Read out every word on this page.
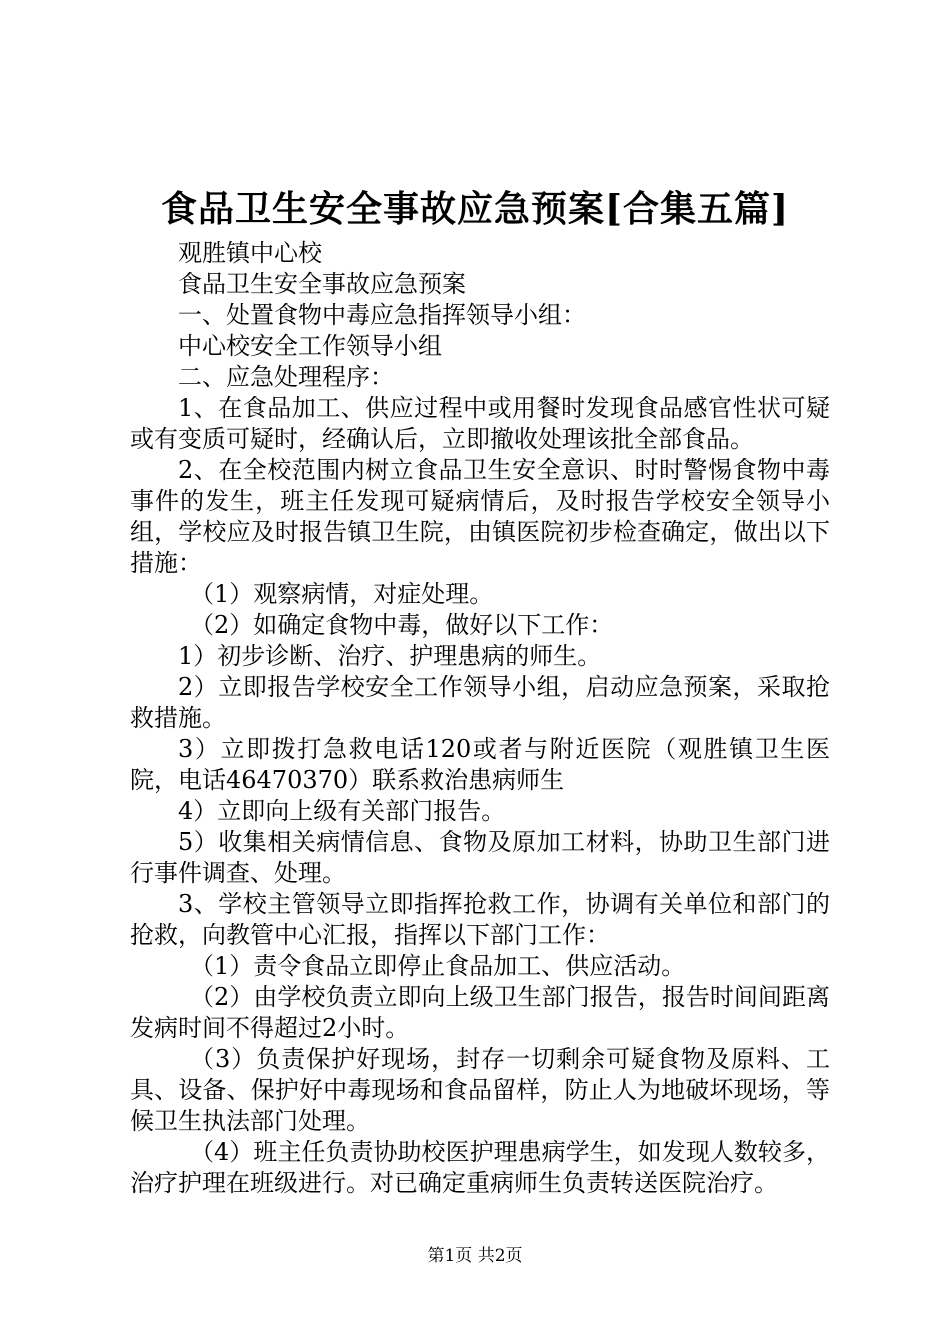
食品卫生安全事故应急预案[合集五篇]

观胜镇中心校

食品卫生安全事故应急预案

一、处置食物中毒应急指挥领导小组：

中心校安全工作领导小组

二、应急处理程序：

1、在食品加工、供应过程中或用餐时发现食品感官性状可疑或有变质可疑时，经确认后，立即撤收处理该批全部食品。

2、在全校范围内树立食品卫生安全意识、时时警惕食物中毒事件的发生，班主任发现可疑病情后，及时报告学校安全领导小组，学校应及时报告镇卫生院，由镇医院初步检查确定，做出以下措施：

（1）观察病情，对症处理。

（2）如确定食物中毒，做好以下工作：

1）初步诊断、治疗、护理患病的师生。

2）立即报告学校安全工作领导小组，启动应急预案，采取抢救措施。

3）立即拨打急救电话120或者与附近医院（观胜镇卫生医院，电话46470370）联系救治患病师生

4）立即向上级有关部门报告。

5）收集相关病情信息、食物及原加工材料，协助卫生部门进行事件调查、处理。

3、学校主管领导立即指挥抢救工作，协调有关单位和部门的抢救，向教管中心汇报，指挥以下部门工作：

（1）责令食品立即停止食品加工、供应活动。

（2）由学校负责立即向上级卫生部门报告，报告时间间距离发病时间不得超过2小时。

（3）负责保护好现场，封存一切剩余可疑食物及原料、工具、设备、保护好中毒现场和食品留样，防止人为地破坏现场，等候卫生执法部门处理。

（4）班主任负责协助校医护理患病学生，如发现人数较多，治疗护理在班级进行。对已确定重病师生负责转送医院治疗。

第1页 共2页
